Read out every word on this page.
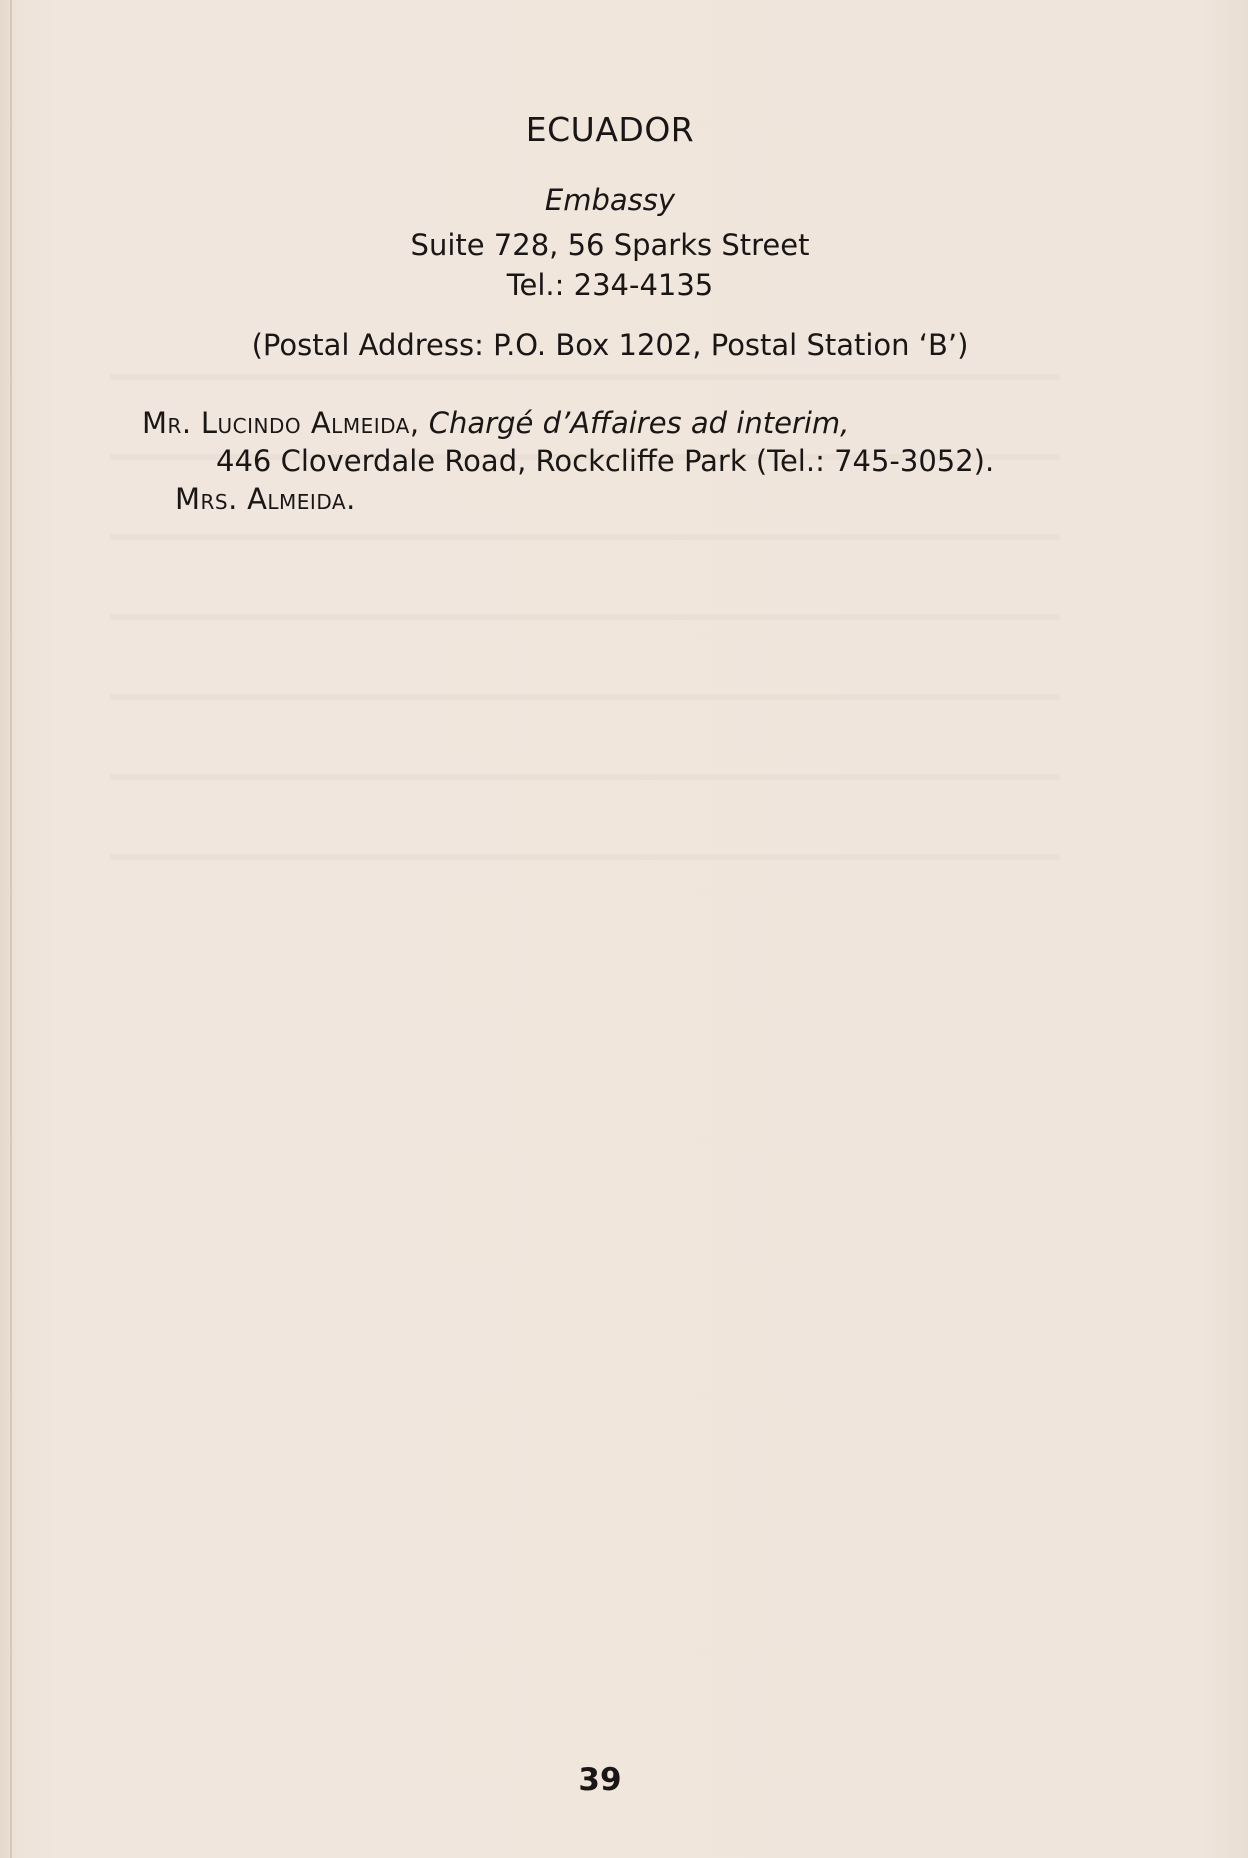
ECUADOR
Embassy
Suite 728, 56 Sparks Street
Tel.: 234-4135
(Postal Address: P.O. Box 1202, Postal Station ‘B’)
Mr. Lucindo Almeida, Chargé d’Affaires ad interim,
446 Cloverdale Road, Rockcliffe Park (Tel.: 745-3052).
Mrs. Almeida.
39
